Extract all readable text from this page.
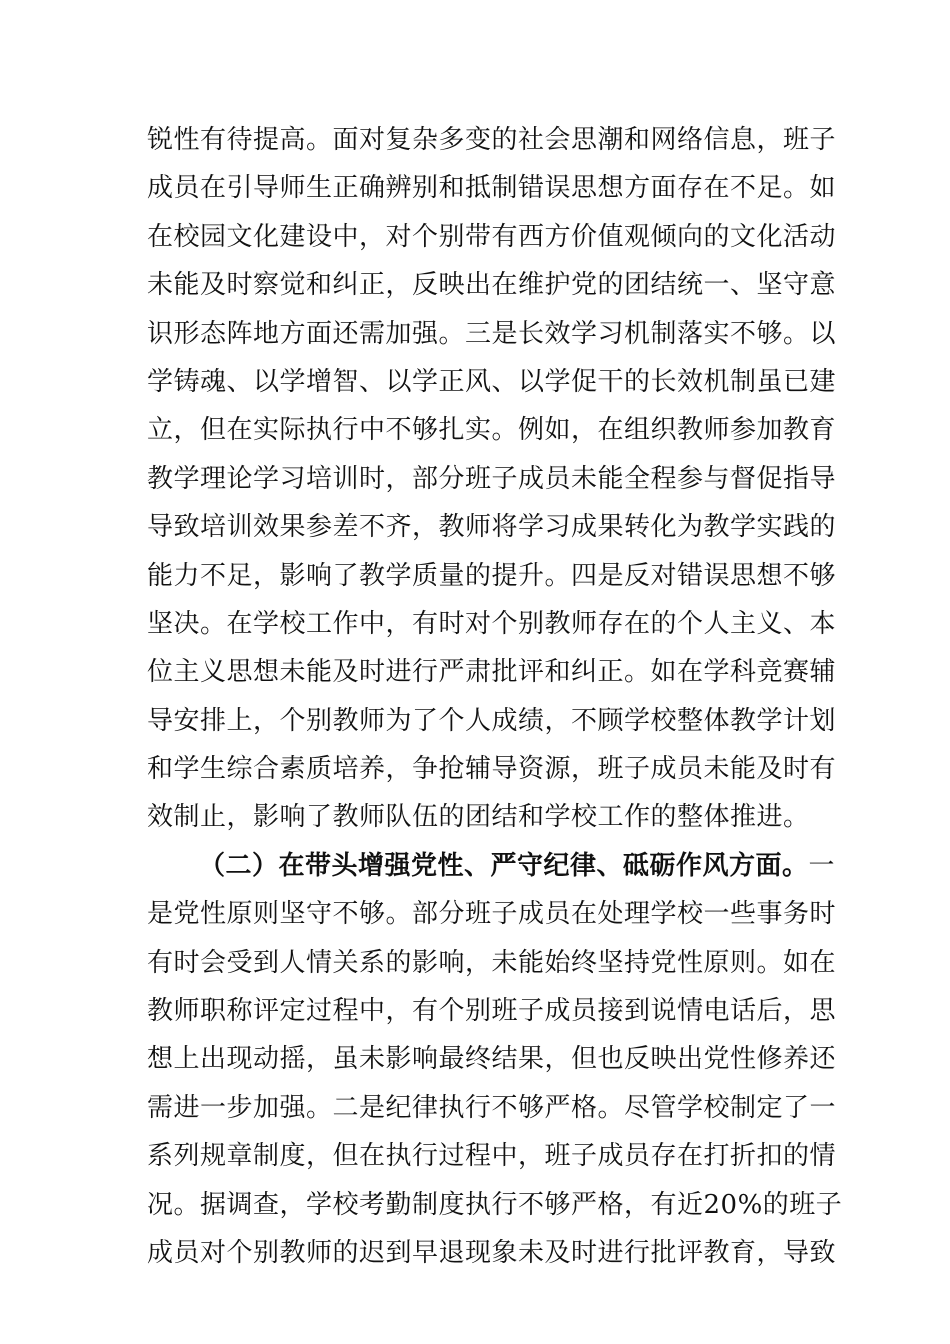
锐性有待提高。面对复杂多变的社会思潮和网络信息，班子
成员在引导师生正确辨别和抵制错误思想方面存在不足。如
在校园文化建设中，对个别带有西方价值观倾向的文化活动
未能及时察觉和纠正，反映出在维护党的团结统一、坚守意
识形态阵地方面还需加强。三是长效学习机制落实不够。以
学铸魂、以学增智、以学正风、以学促干的长效机制虽已建
立，但在实际执行中不够扎实。例如，在组织教师参加教育
教学理论学习培训时，部分班子成员未能全程参与督促指导
导致培训效果参差不齐，教师将学习成果转化为教学实践的
能力不足，影响了教学质量的提升。四是反对错误思想不够
坚决。在学校工作中，有时对个别教师存在的个人主义、本
位主义思想未能及时进行严肃批评和纠正。如在学科竞赛辅
导安排上，个别教师为了个人成绩，不顾学校整体教学计划
和学生综合素质培养，争抢辅导资源，班子成员未能及时有
效制止，影响了教师队伍的团结和学校工作的整体推进。
（二）在带头增强党性、严守纪律、砥砺作风方面。一
是党性原则坚守不够。部分班子成员在处理学校一些事务时
有时会受到人情关系的影响，未能始终坚持党性原则。如在
教师职称评定过程中，有个别班子成员接到说情电话后，思
想上出现动摇，虽未影响最终结果，但也反映出党性修养还
需进一步加强。二是纪律执行不够严格。尽管学校制定了一
系列规章制度，但在执行过程中，班子成员存在打折扣的情
况。据调查，学校考勤制度执行不够严格，有近20%的班子
成员对个别教师的迟到早退现象未及时进行批评教育，导致
